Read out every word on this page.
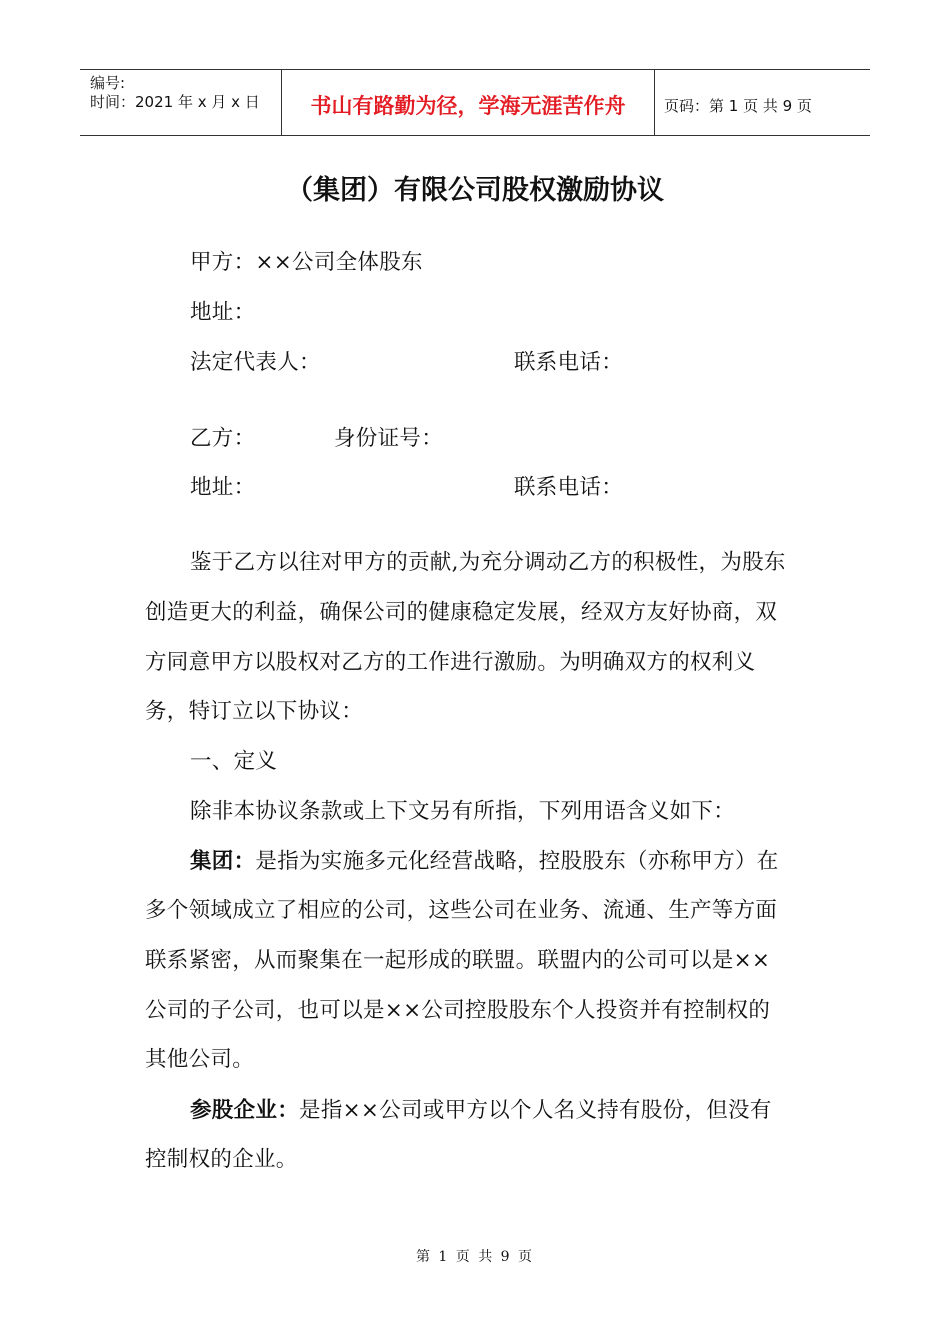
编号:
时间：2021 年 x 月 x 日	书山有路勤为径，学海无涯苦作舟	页码：第 1 页 共 9 页
（集团）有限公司股权激励协议
甲方：××公司全体股东
地址：
法定代表人：	联系电话：
乙方：	身份证号：
地址：	联系电话：
鉴于乙方以往对甲方的贡献,为充分调动乙方的积极性，为股东
创造更大的利益，确保公司的健康稳定发展，经双方友好协商，双
方同意甲方以股权对乙方的工作进行激励。为明确双方的权利义
务，特订立以下协议：
一、定义
除非本协议条款或上下文另有所指，下列用语含义如下：
集团：是指为实施多元化经营战略，控股股东（亦称甲方）在
多个领域成立了相应的公司，这些公司在业务、流通、生产等方面
联系紧密，从而聚集在一起形成的联盟。联盟内的公司可以是××
公司的子公司，也可以是××公司控股股东个人投资并有控制权的
其他公司。
参股企业：是指××公司或甲方以个人名义持有股份，但没有
控制权的企业。
第 1 页 共 9 页
